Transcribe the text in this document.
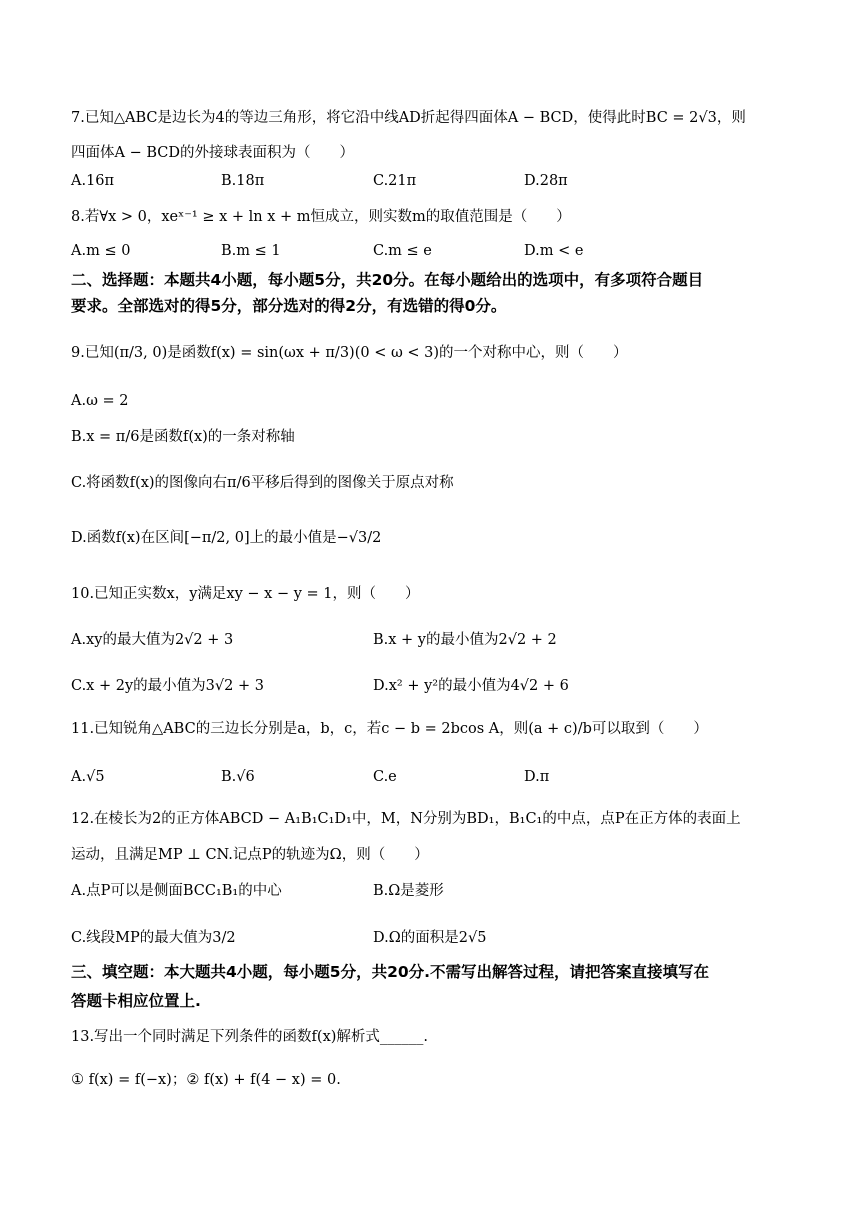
7.已知△ABC是边长为4的等边三角形，将它沿中线AD折起得四面体A − BCD，使得此时BC = 2√3，则
四面体A − BCD的外接球表面积为（　　）
A.16π	B.18π	C.21π	D.28π
8.若∀x > 0，xeˣ⁻¹ ≥ x + ln x + m恒成立，则实数m的取值范围是（　　）
A.m ≤ 0	B.m ≤ 1	C.m ≤ e	D.m < e
二、选择题：本题共4小题，每小题5分，共20分。在每小题给出的选项中，有多项符合题目
要求。全部选对的得5分，部分选对的得2分，有选错的得0分。
9.已知(π/3, 0)是函数f(x) = sin(ωx + π/3)(0 < ω < 3)的一个对称中心，则（　　）
A.ω = 2
B.x = π/6是函数f(x)的一条对称轴
C.将函数f(x)的图像向右π/6平移后得到的图像关于原点对称
D.函数f(x)在区间[−π/2, 0]上的最小值是−√3/2
10.已知正实数x，y满足xy − x − y = 1，则（　　）
A.xy的最大值为2√2 + 3	B.x + y的最小值为2√2 + 2
C.x + 2y的最小值为3√2 + 3	D.x² + y²的最小值为4√2 + 6
11.已知锐角△ABC的三边长分别是a，b，c，若c − b = 2bcos A，则(a + c)/b可以取到（　　）
A.√5	B.√6	C.e	D.π
12.在棱长为2的正方体ABCD − A₁B₁C₁D₁中，M，N分别为BD₁，B₁C₁的中点，点P在正方体的表面上
运动，且满足MP ⊥ CN.记点P的轨迹为Ω，则（　　）
A.点P可以是侧面BCC₁B₁的中心	B.Ω是菱形
C.线段MP的最大值为3/2	D.Ω的面积是2√5
三、填空题：本大题共4小题，每小题5分，共20分.不需写出解答过程，请把答案直接填写在
答题卡相应位置上.
13.写出一个同时满足下列条件的函数f(x)解析式______.
① f(x) = f(−x)；② f(x) + f(4 − x) = 0.
